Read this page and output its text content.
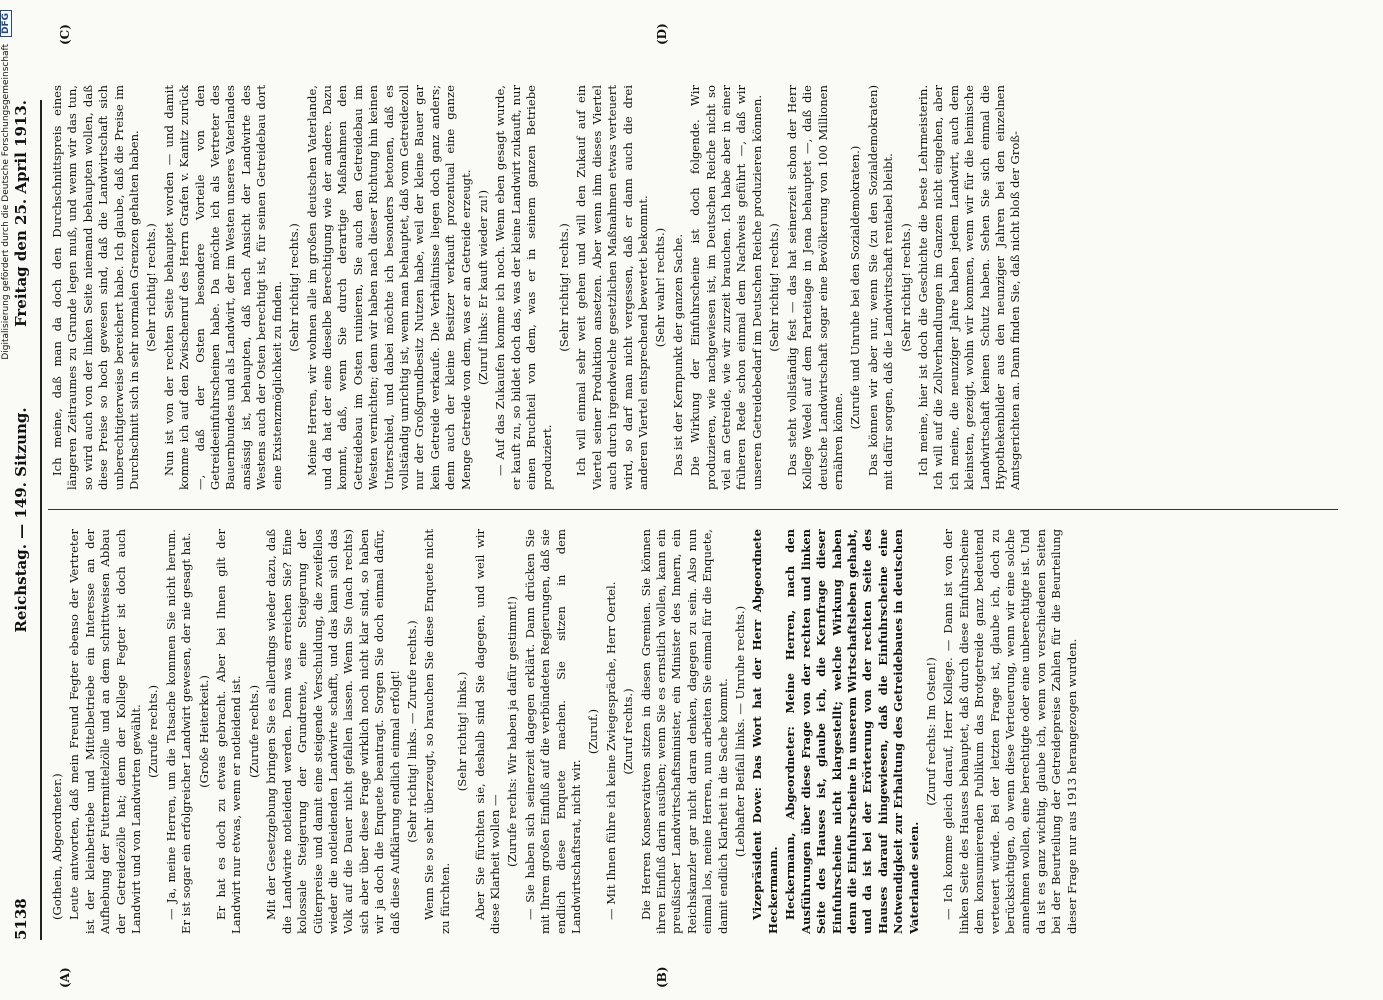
5138
Reichstag. — 149. Sitzung.
Freitag den 25. April 1913.
(A)	(B)
(C)	(D)

(Gothein, Abgeordneter.) Leute antworten, daß mein Freund Fegter ebenso der Vertreter ist der kleinbetriebe und Mittelbetriebe ein Interesse an der Aufhebung der Futtermittelzölle und an dem schrittweisen Abbau der Getreidezölle hat; denn der Kollege Fegter ist doch auch Landwirt und von Landwirten gewählt. (Zurufe rechts.) — Ja, meine Herren, um die Tatsache kommen Sie nicht herum. Er ist sogar ein erfolgreicher Landwirt gewesen, der nie gesagt hat. (Große Heiterkeit.) Er hat es doch zu etwas gebracht. Aber bei Ihnen gilt der Landwirt nur etwas, wenn er notleidend ist. (Zurufe rechts.) Mit der Gesetzgebung bringen Sie es allerdings wieder dazu, daß die Landwirte notleidend werden. Denn was erreichen Sie? Eine kolossale Steigerung der Grundrente, eine Steigerung der Güterpreise und damit eine steigende Verschuldung, die zweifellos wieder die notleidenden Landwirte schafft, und das kann sich das Volk auf die Dauer nicht gefallen lassen. Wenn Sie (nach rechts) sich aber über diese Frage wirklich noch nicht klar sind, so haben wir ja doch die Enquete beantragt. Sorgen Sie doch einmal dafür, daß diese Aufklärung endlich einmal erfolgt! (Sehr richtig! links. — Zurufe rechts.) Wenn Sie so sehr überzeugt, so brauchen Sie diese Enquete nicht zu fürchten.

(Sehr richtig! links.) Aber Sie fürchten sie, deshalb sind Sie dagegen, und weil wir diese Klarheit wollen — (Zurufe rechts: Wir haben ja dafür gestimmt!) — Sie haben sich seinerzeit dagegen erklärt. Dann drücken Sie mit Ihrem großen Einfluß auf die verbündeten Regierungen, daß sie endlich diese Enquete machen. Sie sitzen in dem Landwirtschaftsrat, nicht wir.

(Zuruf.) — Mit Ihnen führe ich keine Zwiegespräche, Herr Oertel. (Zuruf rechts.) Die Herren Konservativen sitzen in diesen Gremien. Sie können ihren Einfluß darin ausüben; wenn Sie es ernstlich wollen, kann ein preußischer Landwirtschaftsminister, ein Minister des Innern, ein Reichskanzler gar nicht daran denken, dagegen zu sein. Also nun einmal los, meine Herren, nun arbeiten Sie einmal für die Enquete, damit endlich Klarheit in die Sache kommt. (Lebhafter Beifall links. — Unruhe rechts.) Vizepräsident Dove: Das Wort hat der Herr Abgeordnete Heckermann. Heckermann, Abgeordneter: Meine Herren, nach den Ausführungen über diese Frage von der rechten und linken Seite des Hauses ist, glaube ich, die Kernfrage dieser Einfuhrscheine nicht klargestellt; welche Wirkung haben denn die Einfuhrscheine in unserem Wirtschaftsleben gehabt, und da ist bei der Erörterung von der rechten Seite des Hauses darauf hingewiesen, daß die Einfuhrscheine eine Notwendigkeit zur Erhaltung des Getreidebaues in deutschen Vaterlande seien.

(Zuruf rechts: Im Osten!) — Ich komme gleich darauf, Herr Kollege. — Dann ist von der linken Seite des Hauses behauptet, daß durch diese Einfuhrscheine dem konsumierenden Publikum das Brotgetreide ganz bedeutend verteuert würde. Bei der letzten Frage ist, glaube ich, doch zu berücksichtigen, ob wenn diese Verteuerung, wenn wir eine solche annehmen wollen, eine berechtigte oder eine unberechtigte ist. Und da ist es ganz wichtig, glaube ich, wenn von verschiedenen Seiten bei der Beurteilung der Getreidepreise Zahlen für die Beurteilung dieser Frage nur aus 1913 herangezogen wurden.

Ich meine, daß man da doch den Durchschnittspreis eines längeren Zeitraumes zu Grunde legen muß, und wenn wir das tun, so wird auch von der linken Seite niemand behaupten wollen, daß diese Preise so hoch gewesen sind, daß die Landwirtschaft sich unberechtigterweise bereichert habe. Ich glaube, daß die Preise im Durchschnitt sich in sehr normalen Grenzen gehalten haben. (Sehr richtig! rechts.) Nun ist von der rechten Seite behauptet worden — und damit komme ich auf den Zwischenruf des Herrn Grafen v. Kanitz zurück —, daß der Osten besondere Vorteile von den Getreideeinfuhrscheinen habe. Da möchte ich als Vertreter des Bauernbundes und als Landwirt, der im Westen unseres Vaterlandes ansässig ist, behaupten, daß nach Ansicht der Landwirte des Westens auch der Osten berechtigt ist, für seinen Getreidebau dort eine Existenzmöglichkeit zu finden. (Sehr richtig! rechts.) Meine Herren, wir wohnen alle im großen deutschen Vaterlande, und da hat der eine dieselbe Berechtigung wie der andere. Dazu kommt, daß, wenn Sie durch derartige Maßnahmen den Getreidebau im Osten ruinieren, Sie auch den Getreidebau im Westen vernichten; denn wir haben nach dieser Richtung hin keinen Unterschied, und dabei möchte ich besonders betonen, daß es vollständig unrichtig ist, wenn man behauptet, daß vom Getreidezoll nur der Großgrundbesitz Nutzen habe, weil der kleine Bauer gar kein Getreide verkaufe. Die Verhältnisse liegen doch ganz anders; denn auch der kleine Besitzer verkauft prozentual eine ganze Menge Getreide von dem, was er an Getreide erzeugt. (Zuruf links: Er kauft wieder zu!) — Auf das Zukaufen komme ich noch. Wenn eben gesagt wurde, er kauft zu, so bildet doch das, was der kleine Landwirt zukauft, nur einen Bruchteil von dem, was er in seinem ganzen Betriebe produziert.

(Sehr richtig! rechts.) Ich will einmal sehr weit gehen und will den Zukauf auf ein Viertel seiner Produktion ansetzen. Aber wenn ihm dieses Viertel auch durch irgendwelche gesetzlichen Maßnahmen etwas verteuert wird, so darf man nicht vergessen, daß er dann auch die drei anderen Viertel entsprechend bewertet bekommt. (Sehr wahr! rechts.) Das ist der Kernpunkt der ganzen Sache. Die Wirkung der Einfuhrscheine ist doch folgende. Wir produzieren, wie nachgewiesen ist, im Deutschen Reiche nicht so viel an Getreide, wie wir zurzeit brauchen. Ich habe aber in einer früheren Rede schon einmal dem Nachweis geführt —, daß wir unseren Getreidebedarf im Deutschen Reiche produzieren können. (Sehr richtig! rechts.) Das steht vollständig fest — das hat seinerzeit schon der Herr Kollege Wedel auf dem Parteitage in Jena behauptet —, daß die deutsche Landwirtschaft sogar eine Bevölkerung von 100 Millionen ernähren könne.

(Zurufe und Unruhe bei den Sozialdemokraten.) Das können wir aber nur, wenn Sie (zu den Sozialdemokraten) mit dafür sorgen, daß die Landwirtschaft rentabel bleibt. (Sehr richtig! rechts.) Ich meine, hier ist doch die Geschichte die beste Lehrmeisterin. Ich will auf die Zollverhandlungen im Ganzen nicht eingehen, aber ich meine, die neunziger Jahre haben jedem Landwirt, auch dem kleinsten, gezeigt, wohin wir kommen, wenn wir für die heimische Landwirtschaft keinen Schutz haben. Sehen Sie sich einmal die Hypothekenbilder aus den neunziger Jahren bei den einzelnen Amtsgerichten an. Dann finden Sie, daß nicht bloß der Groß-

Digitalisierung gefördert durch die Deutsche Forschungsgemeinschaft DFG
